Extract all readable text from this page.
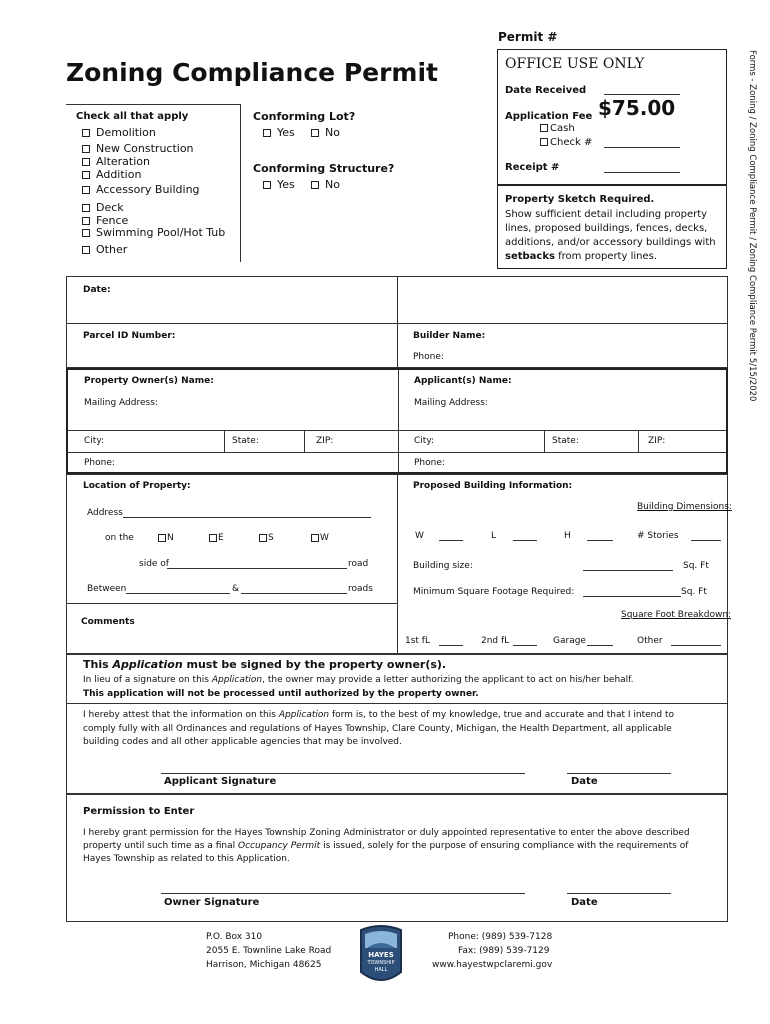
Permit #
Zoning Compliance Permit	Forms - Zoning / Zoning Compliance Permit / Zoning Compliance Permit 5/15/2020
OFFICE USE ONLY
Date Received
Application Fee $75.00
Cash
Check #
Receipt #
Property Sketch Required.
Show sufficient detail including property
lines, proposed buildings, fences, decks,
additions, and/or accessory buildings with
setbacks from property lines.
Check all that apply
Demolition
New Construction
Alteration
Addition
Accessory Building
Deck
Fence
Swimming Pool/Hot Tub
Other
Conforming Lot?
Yes	No
Conforming Structure?
Yes	No
Date:
Parcel ID Number:	Builder Name:
Phone:
Property Owner(s) Name:
Mailing Address:
City:	State:	ZIP:
Phone:
Applicant(s) Name:
Mailing Address:
City:	State:	ZIP:
Phone:
Location of Property:
Address
on the	N	E	S	W
side of	road
Between	&	roads
Comments
Proposed Building Information:
Building Dimensions:
W	L	H	# Stories
Building size:	Sq. Ft
Minimum Square Footage Required:	Sq. Ft
Square Foot Breakdown:
1st fL	2nd fL	Garage	Other
This Application must be signed by the property owner(s).
In lieu of a signature on this Application, the owner may provide a letter authorizing the applicant to act on his/her behalf.
This application will not be processed until authorized by the property owner.
I hereby attest that the information on this Application form is, to the best of my knowledge, true and accurate and that I intend to
comply fully with all Ordinances and regulations of Hayes Township, Clare County, Michigan, the Health Department, all applicable
building codes and all other applicable agencies that may be involved.
Applicant Signature	Date
Permission to Enter
I hereby grant permission for the Hayes Township Zoning Administrator or duly appointed representative to enter the above described
property until such time as a final Occupancy Permit is issued, solely for the purpose of ensuring compliance with the requirements of
Hayes Township as related to this Application.
Owner Signature	Date
P.O. Box 310
2055 E. Townline Lake Road
Harrison, Michigan 48625
HAYES
TOWNSHIP
HALL
Phone: (989) 539-7128
Fax: (989) 539-7129
www.hayestwpclaremi.gov
